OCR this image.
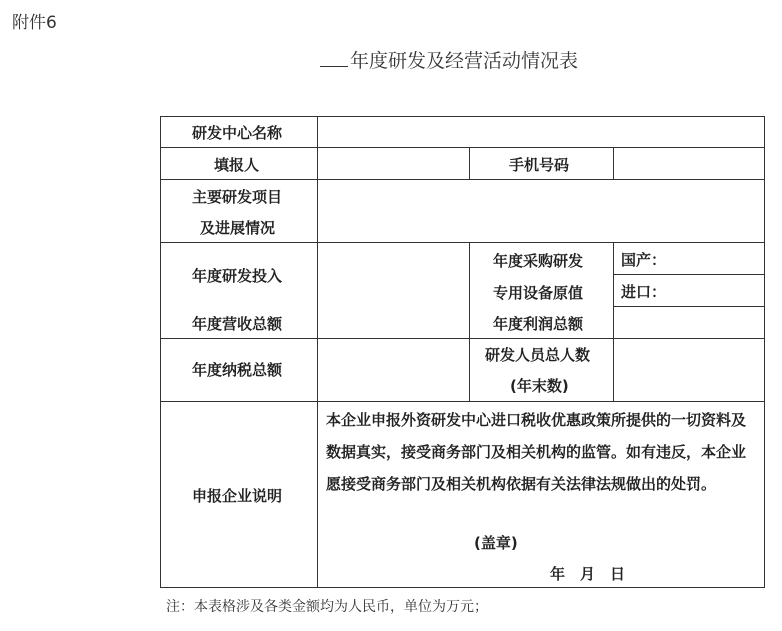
附件6
年度研发及经营活动情况表
研发中心名称
填报人	手机号码
主要研发项目
及进展情况
年度研发投入
年度采购研发
专用设备原值
国产：
进口：
年度营收总额	年度利润总额
年度纳税总额
研发人员总人数
(年末数)
申报企业说明
本企业申报外资研发中心进口税收优惠政策所提供的一切资料及数据真实，接受商务部门及相关机构的监管。如有违反，本企业愿接受商务部门及相关机构依据有关法律法规做出的处罚。
(盖章)
年　月　日
注：本表格涉及各类金额均为人民币，单位为万元；
